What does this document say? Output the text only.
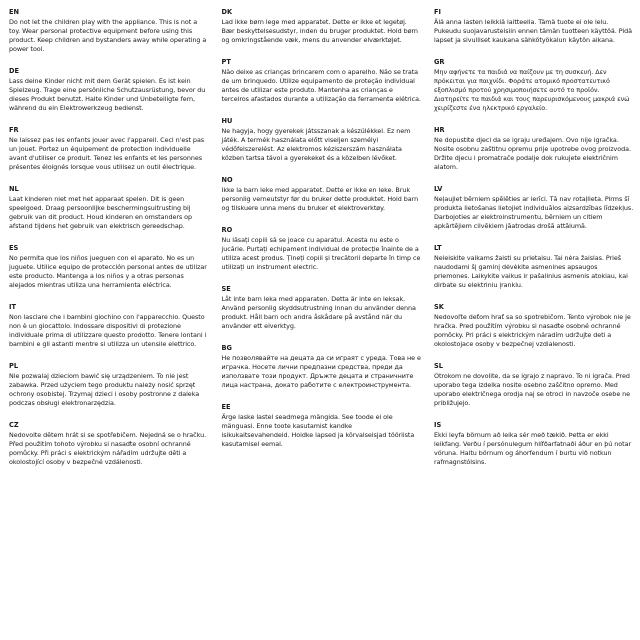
EN
Do not let the children play with the appliance. This is not a toy. Wear personal protective equipment before using this product. Keep children and bystanders away while operating a power tool.
DE
Lass deine Kinder nicht mit dem Gerät spielen. Es ist kein Spielzeug. Trage eine persönliche Schutzausrüstung, bevor du dieses Produkt benutzt. Halte Kinder und Unbeteiligte fern, während du ein Elektrowerkzeug bedienst.
FR
Ne laissez pas les enfants jouer avec l'appareil. Ceci n'est pas un jouet. Portez un équipement de protection individuelle avant d'utiliser ce produit. Tenez les enfants et les personnes présentes éloignés lorsque vous utilisez un outil électrique.
NL
Laat kinderen niet met het apparaat spelen. Dit is geen speelgoed. Draag persoonlijke beschermingsuitrusting bij gebruik van dit product. Houd kinderen en omstanders op afstand tijdens het gebruik van elektrisch gereedschap.
ES
No permita que los niños jueguen con el aparato. No es un juguete. Utilice equipo de protección personal antes de utilizar este producto. Mantenga a los niños y a otras personas alejados mientras utiliza una herramienta eléctrica.
IT
Non lasciare che i bambini giochino con l'apparecchio. Questo non è un giocattolo. Indossare dispositivi di protezione individuale prima di utilizzare questo prodotto. Tenere lontani i bambini e gli astanti mentre si utilizza un utensile elettrico.
PL
Nie pozwalaj dzieciom bawić się urządzeniem. To nie jest zabawka. Przed użyciem tego produktu należy nosić sprzęt ochrony osobistej. Trzymaj dzieci i osoby postronne z daleka podczas obsługi elektronarzędzia.
CZ
Nedovolte dětem hrát si se spotřebičem. Nejedná se o hračku. Před použitím tohoto výrobku si nasaďte osobní ochranné pomůcky. Při práci s elektrickým nářadím udržujte děti a okolostojící osoby v bezpečné vzdálenosti.
DK
Lad ikke børn lege med apparatet. Dette er ikke et legetøj. Bær beskyttelsesudstyr, inden du bruger produktet. Hold børn og omkringstående væk, mens du anvender elværktøjet.
PT
Não deixe as crianças brincarem com o aparelho. Não se trata de um brinquedo. Utilize equipamento de proteção individual antes de utilizar este produto. Mantenha as crianças e terceiros afastados durante a utilização da ferramenta elétrica.
HU
Ne hagyja, hogy gyerekek játsszanak a készülékkel. Ez nem játék. A termék használata előtt viseljen személyi védőfelszerelést. Az elektromos kéziszerszám használata közben tartsa távol a gyerekeket és a közelben lévőket.
NO
Ikke la barn leke med apparatet. Dette er ikke en leke. Bruk personlig verneutstyr før du bruker dette produktet. Hold barn og tilskuere unna mens du bruker et elektroverktøy.
RO
Nu lăsați copiii să se joace cu aparatul. Acesta nu este o jucărie. Purtați echipament individual de protecție înainte de a utiliza acest produs. Țineți copiii și trecătorii departe în timp ce utilizați un instrument electric.
SE
Låt inte barn leka med apparaten. Detta är inte en leksak. Använd personlig skyddsutrustning innan du använder denna produkt. Håll barn och andra åskådare på avstånd när du använder ett elverktyg.
BG
Не позволявайте на децата да си играят с уреда. Това не е играчка. Носете лични предпазни средства, преди да използвате този продукт. Дръжте децата и страничните лица настрана, докато работите с електроинструмента.
EE
Ärge laske lastel seadmega mängida. See toode ei ole mänguasi. Enne toote kasutamist kandke isikukaitsevahendeid. Hoidke lapsed ja kõrvalseisjad tööriista kasutamisel eemal.
FI
Älä anna lasten leikkiä laitteella. Tämä tuote ei ole lelu. Pukeudu suojavarusteisiin ennen tämän tuotteen käyttöä. Pidä lapset ja sivulliset kaukana sähkötyökalun käytön aikana.
GR
Μην αφήνετε τα παιδιά να παίζουν με τη συσκευή. Δεν πρόκειται για παιχνίδι. Φοράτε ατομικό προστατευτικό εξοπλισμό προτού χρησιμοποιήσετε αυτό το προϊόν. Διατηρείτε τα παιδιά και τους παρευρισκόμενους μακριά ενώ χειρίζεστε ένα ηλεκτρικό εργαλείο.
HR
Ne dopustite djeci da se igraju uređajem. Ovo nije igračka. Nosite osobnu zaštitnu opremu prije upotrebe ovog proizvoda. Držite djecu i promatrače podalje dok rukujete električnim alatom.
LV
Neļaujiet bērniem spēlēties ar ierīci. Tā nav rotaļlieta. Pirms šī produkta lietošanas lietojiet individuālos aizsardzības līdzekļus. Darbojoties ar elektroinstrumentu, bērniem un citiem apkārtējiem cilvēkiem jāatrodas drošā attālumā.
LT
Neleiskite vaikams žaisti su prietaisu. Tai nėra žaislas. Prieš naudodami šį gaminį dėvėkite asmenines apsaugos priemones. Laikykite vaikus ir pašalinius asmenis atokiau, kai dirbate su elektriniu įrankiu.
SK
Nedovoľte deťom hrať sa so spotrebičom. Tento výrobok nie je hračka. Pred použitím výrobku si nasaďte osobné ochranné pomôcky. Pri práci s elektrickým náradím udržujte deti a okolostojace osoby v bezpečnej vzdialenosti.
SL
Otrokom ne dovolite, da se igrajo z napravo. To ni igrača. Pred uporabo tega izdelka nosite osebno zaščitno opremo. Med uporabo električnega orodja naj se otroci in navzoče osebe ne približujejo.
IS
Ekki leyfa börnum að leika sér með tækið. Þetta er ekki leikfang. Verðu í persónulegum hlífðarfatnaði áður en þú notar vöruna. Haltu börnum og áhorfendum í burtu við notkun rafmagnstólsins.
